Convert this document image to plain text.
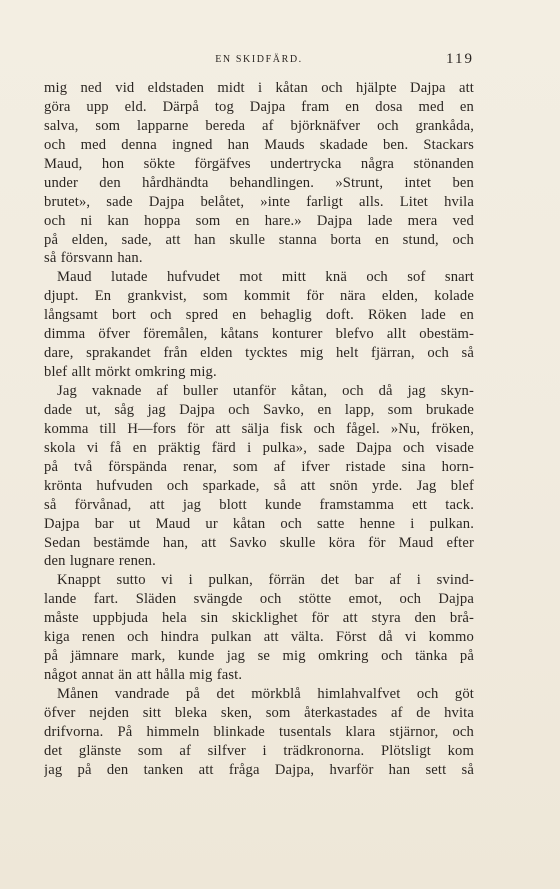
EN SKIDFÄRD.	119
mig ned vid eldstaden midt i kåtan och hjälpte Dajpa att
göra upp eld. Därpå tog Dajpa fram en dosa med en
salva, som lapparne bereda af björknäfver och grankåda,
och med denna ingned han Mauds skadade ben. Stackars
Maud, hon sökte förgäfves undertrycka några stönanden
under den hårdhändta behandlingen. »Strunt, intet ben
brutet», sade Dajpa belåtet, »inte farligt alls. Litet hvila
och ni kan hoppa som en hare.» Dajpa lade mera ved
på elden, sade, att han skulle stanna borta en stund, och
så försvann han.
Maud lutade hufvudet mot mitt knä och sof snart
djupt. En grankvist, som kommit för nära elden, kolade
långsamt bort och spred en behaglig doft. Röken lade en
dimma öfver föremålen, kåtans konturer blefvo allt obestäm-
dare, sprakandet från elden tycktes mig helt fjärran, och så
blef allt mörkt omkring mig.
Jag vaknade af buller utanför kåtan, och då jag skyn-
dade ut, såg jag Dajpa och Savko, en lapp, som brukade
komma till H—fors för att sälja fisk och fågel. »Nu, fröken,
skola vi få en präktig färd i pulka», sade Dajpa och visade
på två förspända renar, som af ifver ristade sina horn-
krönta hufvuden och sparkade, så att snön yrde. Jag blef
så förvånad, att jag blott kunde framstamma ett tack.
Dajpa bar ut Maud ur kåtan och satte henne i pulkan.
Sedan bestämde han, att Savko skulle köra för Maud efter
den lugnare renen.
Knappt sutto vi i pulkan, förrän det bar af i svind-
lande fart. Släden svängde och stötte emot, och Dajpa
måste uppbjuda hela sin skicklighet för att styra den brå-
kiga renen och hindra pulkan att välta. Först då vi kommo
på jämnare mark, kunde jag se mig omkring och tänka på
något annat än att hålla mig fast.
Månen vandrade på det mörkblå himlahvalfvet och göt
öfver nejden sitt bleka sken, som återkastades af de hvita
drifvorna. På himmeln blinkade tusentals klara stjärnor, och
det glänste som af silfver i trädkronorna. Plötsligt kom
jag på den tanken att fråga Dajpa, hvarför han sett så
